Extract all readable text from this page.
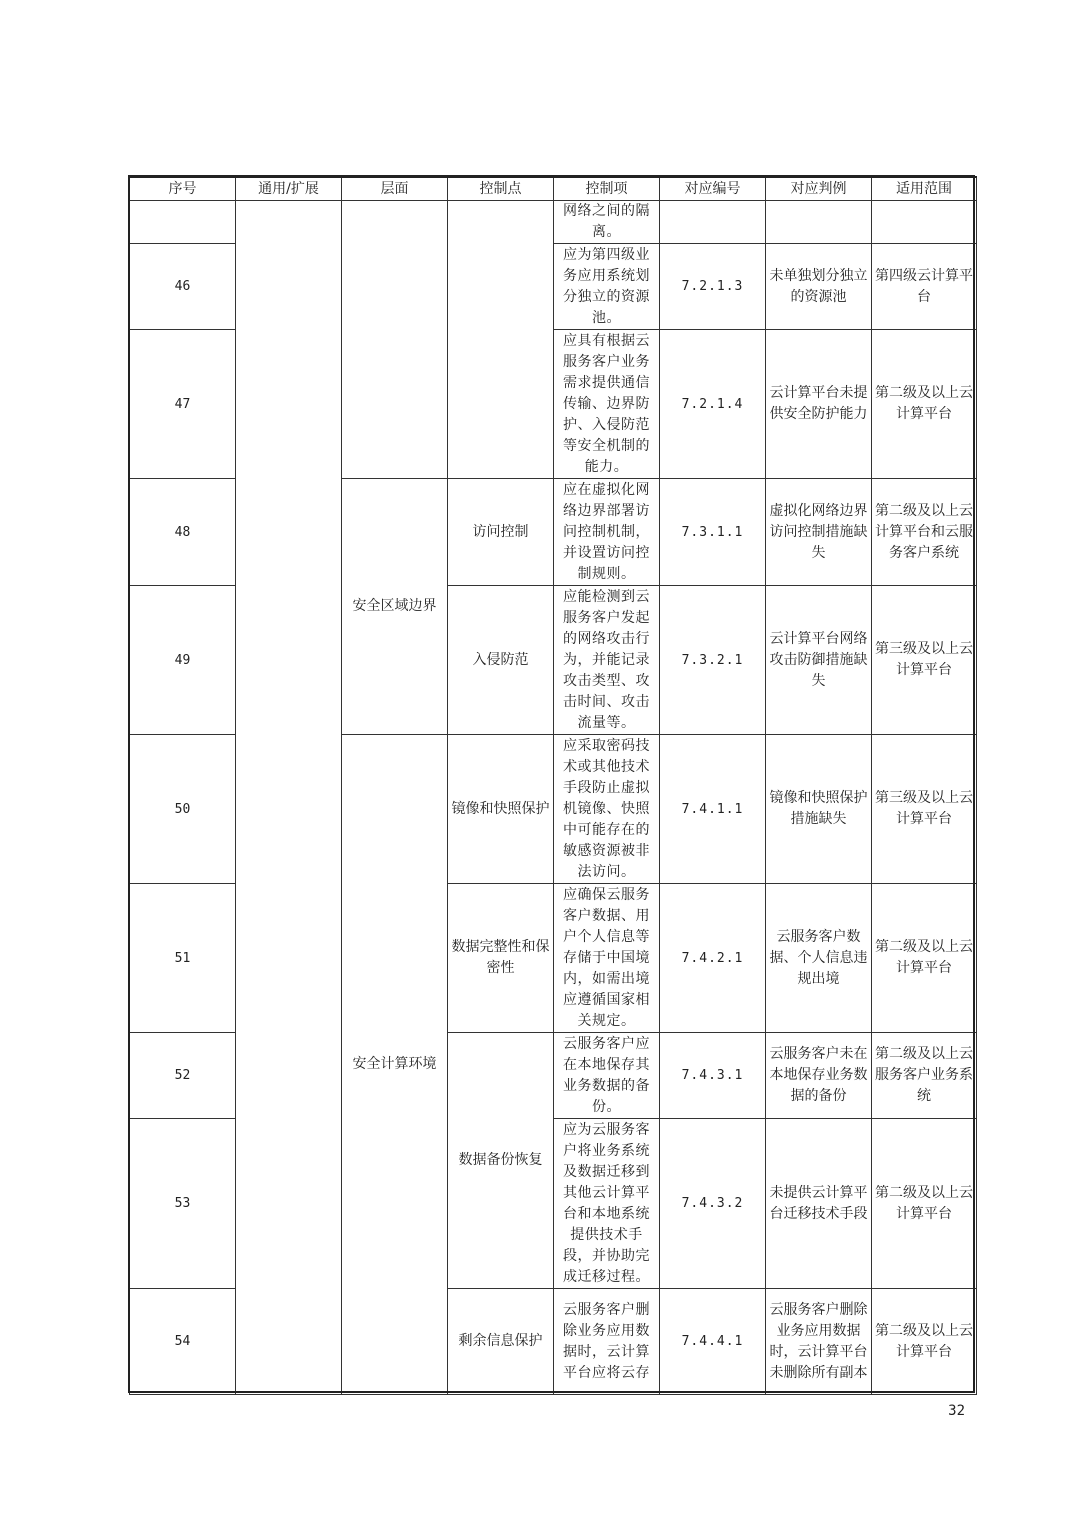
序号	通用/扩展	层面	控制点	控制项	对应编号	对应判例	适用范围
				网络之间的隔离。			
46				应为第四级业务应用系统划分独立的资源池。	7.2.1.3	未单独划分独立的资源池	第四级云计算平台
47				应具有根据云服务客户业务需求提供通信传输、边界防护、入侵防范等安全机制的能力。	7.2.1.4	云计算平台未提供安全防护能力	第二级及以上云计算平台
48		安全区域边界	访问控制	应在虚拟化网络边界部署访问控制机制，并设置访问控制规则。	7.3.1.1	虚拟化网络边界访问控制措施缺失	第二级及以上云计算平台和云服务客户系统
49			入侵防范	应能检测到云服务客户发起的网络攻击行为，并能记录攻击类型、攻击时间、攻击流量等。	7.3.2.1	云计算平台网络攻击防御措施缺失	第三级及以上云计算平台
50		安全计算环境	镜像和快照保护	应采取密码技术或其他技术手段防止虚拟机镜像、快照中可能存在的敏感资源被非法访问。	7.4.1.1	镜像和快照保护措施缺失	第三级及以上云计算平台
51			数据完整性和保密性	应确保云服务客户数据、用户个人信息等存储于中国境内，如需出境应遵循国家相关规定。	7.4.2.1	云服务客户数据、个人信息违规出境	第二级及以上云计算平台
52			数据备份恢复	云服务客户应在本地保存其业务数据的备份。	7.4.3.1	云服务客户未在本地保存业务数据的备份	第二级及以上云服务客户业务系统
53				应为云服务客户将业务系统及数据迁移到其他云计算平台和本地系统提供技术手段，并协助完成迁移过程。	7.4.3.2	未提供云计算平台迁移技术手段	第二级及以上云计算平台
54			剩余信息保护	云服务客户删除业务应用数据时，云计算平台应将云存	7.4.4.1	云服务客户删除业务应用数据时，云计算平台未删除所有副本	第二级及以上云计算平台
32
